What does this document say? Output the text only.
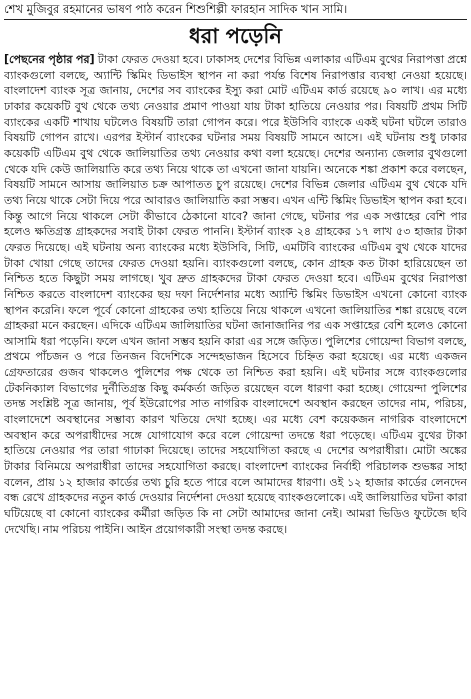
শেখ মুজিবুর রহমানের ভাষণ পাঠ করেন শিশুশিল্পী ফারহান সাদিক খান সামি।
ধরা পড়েনি
[পেছনের পৃষ্ঠার পর] টাকা ফেরত দেওয়া হবে। ঢাকাসহ দেশের বিভিন্ন এলাকার এটিএম বুথের নিরাপত্তা প্রশ্নে ব্যাংকগুলো বলছে, অ্যান্টি স্কিমিং ডিভাইস স্থাপন না করা পর্যন্ত বিশেষ নিরাপত্তার ব্যবস্থা নেওয়া হয়েছে। বাংলাদেশ ব্যাংক সূত্র জানায়, দেশের সব ব্যাংকের ইস্যু করা মোট এটিএম কার্ড রয়েছে ৯০ লাখ। এর মধ্যে ঢাকার কয়েকটি বুথ থেকে তথ্য নেওয়ার প্রমাণ পাওয়া যায় টাকা হাতিয়ে নেওয়ার পর। বিষয়টি প্রথম সিটি ব্যাংকের একটি শাখায় ঘটলেও বিষয়টি তারা গোপন করে। পরে ইউসিবি ব্যাংকে একই ঘটনা ঘটলে তারাও বিষয়টি গোপন রাখে। এরপর ইস্টার্ন ব্যাংকের ঘটনার সময় বিষয়টি সামনে আসে। এই ঘটনায় শুধু ঢাকার কয়েকটি এটিএম বুথ থেকে জালিয়াতির তথ্য নেওয়ার কথা বলা হয়েছে। দেশের অন্যান্য জেলার বুথগুলো থেকে যদি কেউ জালিয়াতি করে তথ্য নিয়ে থাকে তা এখনো জানা যায়নি। অনেকে শঙ্কা প্রকাশ করে বলছেন, বিষয়টি সামনে আসায় জালিয়াত চক্র আপাতত চুপ রয়েছে। দেশের বিভিন্ন জেলার এটিএম বুথ থেকে যদি তথ্য নিয়ে থাকে সেটা দিয়ে পরে আবারও জালিয়াতি করা সম্ভব। এখন এন্টি স্কিমিং ডিভাইস স্থাপন করা হবে। কিন্তু আগে নিয়ে থাকলে সেটা কীভাবে ঠেকানো যাবে? জানা গেছে, ঘটনার পর এক সপ্তাহের বেশি পার হলেও ক্ষতিগ্রস্ত গ্রাহকদের সবাই টাকা ফেরত পাননি। ইস্টার্ন ব্যাংক ২৪ গ্রাহকের ১৭ লাখ ৫৩ হাজার টাকা ফেরত দিয়েছে। এই ঘটনায় অন্য ব্যাংকের মধ্যে ইউসিবি, সিটি, এমটিবি ব্যাংকের এটিএম বুথ থেকে যাদের টাকা খোয়া গেছে তাদের ফেরত দেওয়া হয়নি। ব্যাংকগুলো বলছে, কোন গ্রাহক কত টাকা হারিয়েছেন তা নিশ্চিত হতে কিছুটা সময় লাগছে। খুব দ্রুত গ্রাহকদের টাকা ফেরত দেওয়া হবে। এটিএম বুথের নিরাপত্তা নিশ্চিত করতে বাংলাদেশ ব্যাংকের ছয় দফা নির্দেশনার মধ্যে অ্যান্টি স্কিমিং ডিভাইস এখনো কোনো ব্যাংক স্থাপন করেনি। ফলে পূর্বে কোনো গ্রাহকের তথ্য হাতিয়ে নিয়ে থাকলে এখনো জালিয়াতির শঙ্কা রয়েছে বলে গ্রাহকরা মনে করছেন। এদিকে এটিএম জালিয়াতির ঘটনা জানাজানির পর এক সপ্তাহের বেশি হলেও কোনো আসামি ধরা পড়েনি। ফলে এখন জানা সম্ভব হয়নি কারা এর সঙ্গে জড়িত। পুলিশের গোয়েন্দা বিভাগ বলছে, প্রথমে পাঁচজন ও পরে তিনজন বিদেশিকে সন্দেহভাজন হিসেবে চিহ্নিত করা হয়েছে। এর মধ্যে একজন গ্রেফতারের গুজব থাকলেও পুলিশের পক্ষ থেকে তা নিশ্চিত করা হয়নি। এই ঘটনার সঙ্গে ব্যাংকগুলোর টেকনিক্যাল বিভাগের দুর্নীতিগ্রস্ত কিছু কর্মকর্তা জড়িত রয়েছেন বলে ধারণা করা হচ্ছে। গোয়েন্দা পুলিশের তদন্ত সংশ্লিষ্ট সূত্র জানায়, পূর্ব ইউরোপের সাত নাগরিক বাংলাদেশে অবস্থান করছেন তাদের নাম, পরিচয়, বাংলাদেশে অবস্থানের সম্ভাব্য কারণ খতিয়ে দেখা হচ্ছে। এর মধ্যে বেশ কয়েকজন নাগরিক বাংলাদেশে অবস্থান করে অপরাধীদের সঙ্গে যোগাযোগ করে বলে গোয়েন্দা তদন্তে ধরা পড়েছে। এটিএম বুথের টাকা হাতিয়ে নেওয়ার পর তারা গাঢাকা দিয়েছে। তাদের সহযোগিতা করছে এ দেশের অপরাধীরা। মোটা অঙ্কের টাকার বিনিময়ে অপরাধীরা তাদের সহযোগিতা করছে। বাংলাদেশ ব্যাংকের নির্বাহী পরিচালক শুভঙ্কর সাহা বলেন, প্রায় ১২ হাজার কার্ডের তথ্য চুরি হতে পারে বলে আমাদের ধারণা। ওই ১২ হাজার কার্ডের লেনদেন বন্ধ রেখে গ্রাহকদের নতুন কার্ড দেওয়ার নির্দেশনা দেওয়া হয়েছে ব্যাংকগুলোকে। এই জালিয়াতির ঘটনা কারা ঘটিয়েছে বা কোনো ব্যাংকের কর্মীরা জড়িত কি না সেটা আমাদের জানা নেই। আমরা ভিডিও ফুটেজে ছবি দেখেছি। নাম পরিচয় পাইনি। আইন প্রয়োগকারী সংস্থা তদন্ত করছে।
